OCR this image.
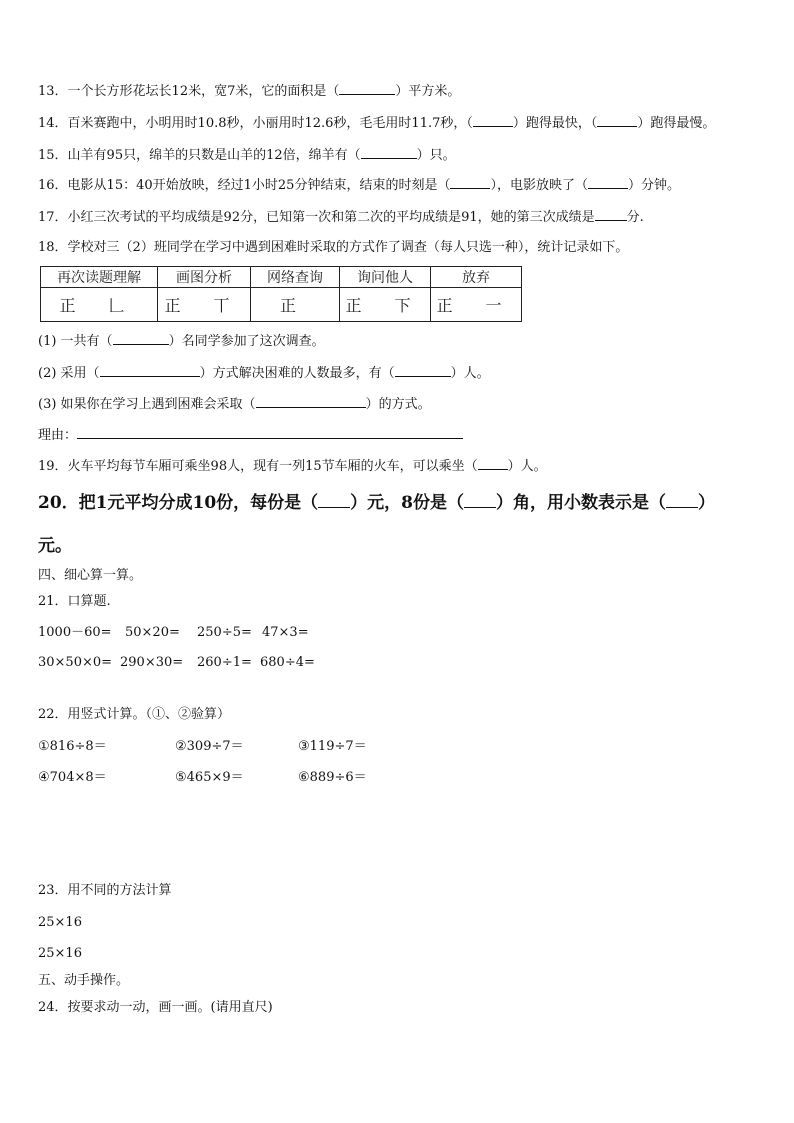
13．一个长方形花坛长12米，宽7米，它的面积是（	）平方米。
14．百米赛跑中，小明用时10.8秒，小丽用时12.6秒，毛毛用时11.7秒，（	）跑得最快，（	）跑得最慢。
15．山羊有95只，绵羊的只数是山羊的12倍，绵羊有（	）只。
16．电影从15：40开始放映，经过1小时25分钟结束，结束的时刻是（	），电影放映了（	）分钟。
17．小红三次考试的平均成绩是92分，已知第一次和第二次的平均成绩是91，她的第三次成绩是 分.
18．学校对三（2）班同学在学习中遇到困难时采取的方式作了调查（每人只选一种），统计记录如下。
再次读题理解	画图分析	网络查询	询问他人	放弃
正 𠃊	正 丅	正	正 下	正 一
(1) 一共有（	）名同学参加了这次调查。
(2) 采用（	）方式解决困难的人数最多，有（	）人。
(3) 如果你在学习上遇到困难会采取（	）的方式。
理由：
19．火车平均每节车厢可乘坐98人，现有一列15节车厢的火车，可以乘坐（ ）人。
20．把1元平均分成10份，每份是（ ）元，8份是（ ）角，用小数表示是（ ）
元。
四、细心算一算。
21．口算题.
1000－60= 50×20= 250÷5= 47×3=
30×50×0= 290×30= 260÷1= 680÷4=
22．用竖式计算。（①、②验算）
①816÷8＝	②309÷7＝	③119÷7＝
④704×8＝	⑤465×9＝	⑥889÷6＝
23．用不同的方法计算
25×16
25×16
五、动手操作。
24．按要求动一动，画一画。(请用直尺)
